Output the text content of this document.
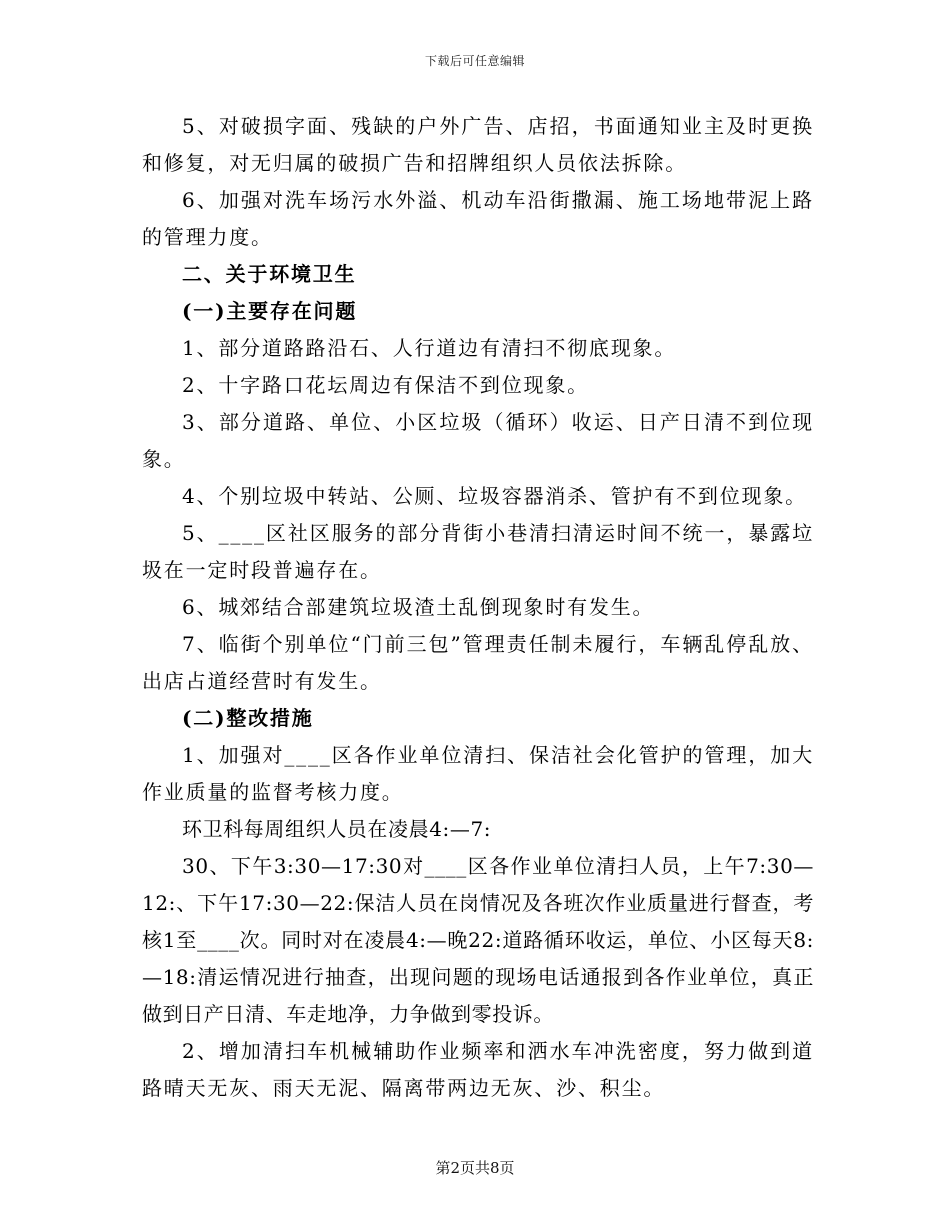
下载后可任意编辑

5、对破损字面、残缺的户外广告、店招，书面通知业主及时更换和修复，对无归属的破损广告和招牌组织人员依法拆除。

6、加强对洗车场污水外溢、机动车沿街撒漏、施工场地带泥上路的管理力度。

二、关于环境卫生

(一)主要存在问题

1、部分道路路沿石、人行道边有清扫不彻底现象。

2、十字路口花坛周边有保洁不到位现象。

3、部分道路、单位、小区垃圾（循环）收运、日产日清不到位现象。

4、个别垃圾中转站、公厕、垃圾容器消杀、管护有不到位现象。

5、____区社区服务的部分背街小巷清扫清运时间不统一，暴露垃圾在一定时段普遍存在。

6、城郊结合部建筑垃圾渣土乱倒现象时有发生。

7、临街个别单位“门前三包”管理责任制未履行，车辆乱停乱放、出店占道经营时有发生。

(二)整改措施

1、加强对____区各作业单位清扫、保洁社会化管护的管理，加大作业质量的监督考核力度。

环卫科每周组织人员在凌晨4:—7:

30、下午3:30—17:30对____区各作业单位清扫人员，上午7:30—12:、下午17:30—22:保洁人员在岗情况及各班次作业质量进行督查，考核1至____次。同时对在凌晨4:—晚22:道路循环收运，单位、小区每天8:—18:清运情况进行抽查，出现问题的现场电话通报到各作业单位，真正做到日产日清、车走地净，力争做到零投诉。

2、增加清扫车机械辅助作业频率和洒水车冲洗密度，努力做到道路晴天无灰、雨天无泥、隔离带两边无灰、沙、积尘。

第2页共8页
